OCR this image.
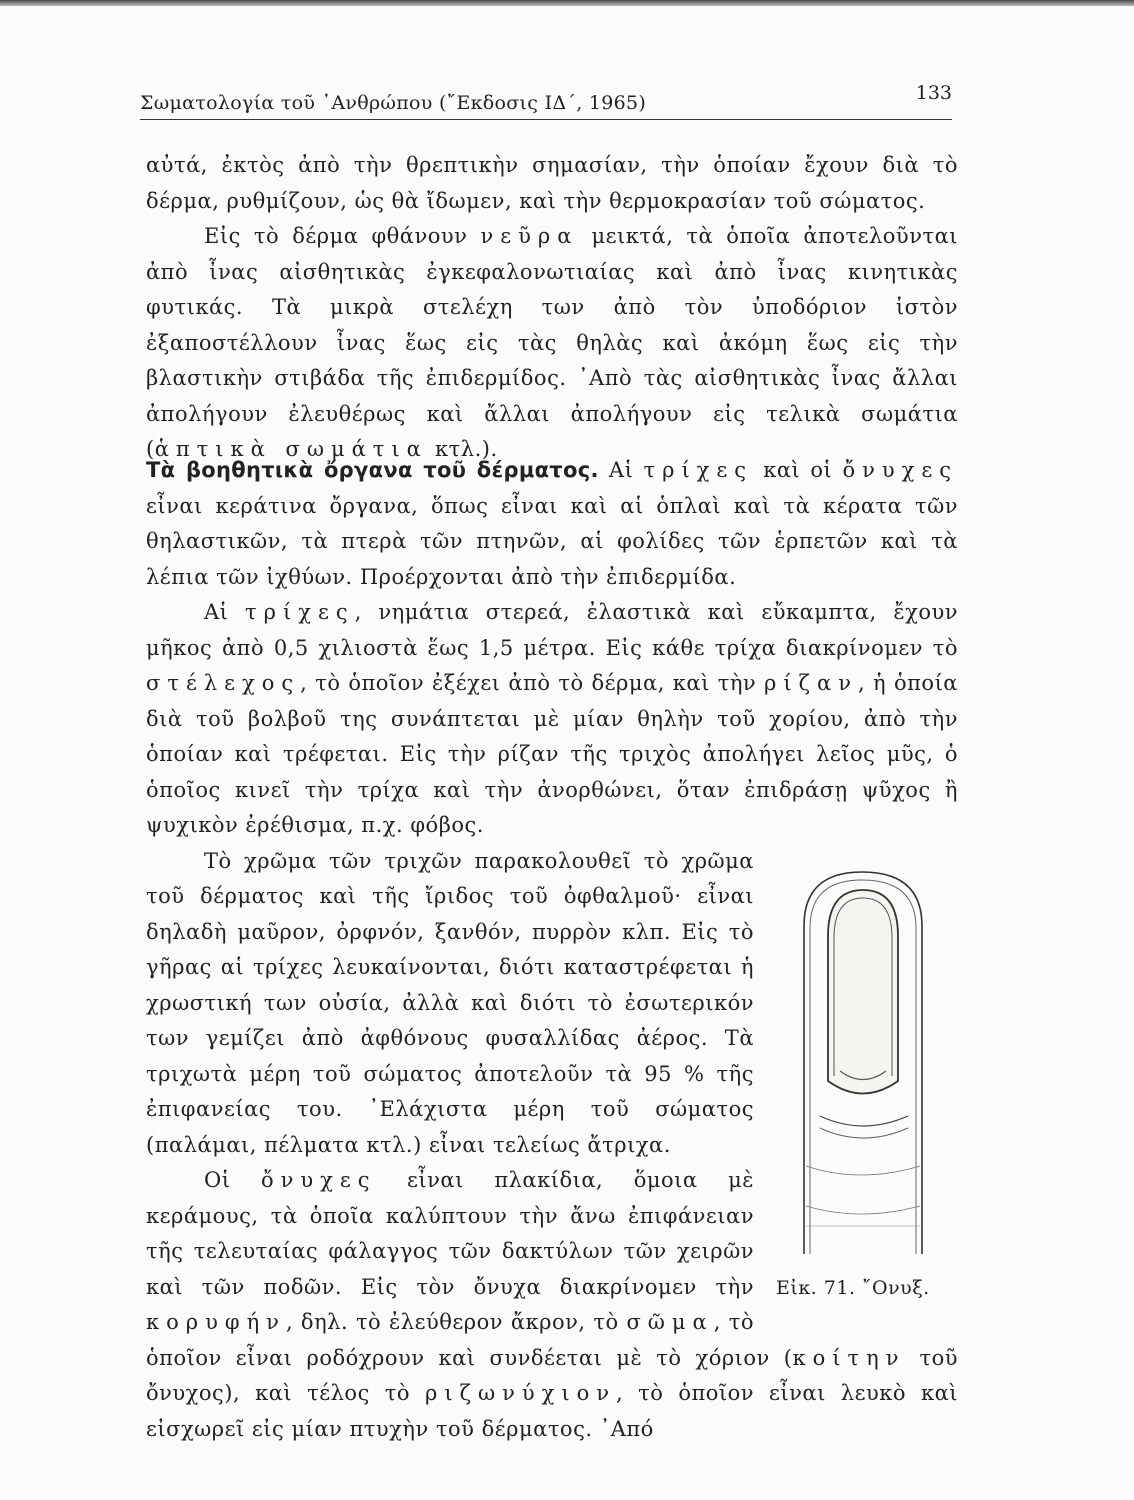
Σωματολογία τοῦ ᾿Ανθρώπου (῎Εκδοσις ΙΔ΄, 1965)	133

αὐτά, ἐκτὸς ἀπὸ τὴν θρεπτικὴν σημασίαν, τὴν ὁποίαν ἔχουν διὰ τὸ δέρμα, ρυθμίζουν, ὡς θὰ ἴδωμεν, καὶ τὴν θερμοκρασίαν τοῦ σώματος.

Εἰς τὸ δέρμα φθάνουν νεῦρα μεικτά, τὰ ὁποῖα ἀποτελοῦνται ἀπὸ ἶνας αἰσθητικὰς ἐγκεφαλονωτιαίας καὶ ἀπὸ ἶνας κινητικὰς φυτικάς. Τὰ μικρὰ στελέχη των ἀπὸ τὸν ὑποδόριον ἱστὸν ἐξαποστέλλουν ἶνας ἕως εἰς τὰς θηλὰς καὶ ἀκόμη ἕως εἰς τὴν βλαστικὴν στιβάδα τῆς ἐπιδερμίδος. ᾿Απὸ τὰς αἰσθητικὰς ἶνας ἄλλαι ἀπολήγουν ἐλευθέρως καὶ ἄλλαι ἀπολήγουν εἰς τελικὰ σωμάτια (ἁπτικὰ σωμάτια κτλ.).

Τὰ βοηθητικὰ ὄργανα τοῦ δέρματος. Αἱ τρίχες καὶ οἱ ὄνυχες εἶναι κεράτινα ὄργανα, ὅπως εἶναι καὶ αἱ ὁπλαὶ καὶ τὰ κέρατα τῶν θηλαστικῶν, τὰ πτερὰ τῶν πτηνῶν, αἱ φολίδες τῶν ἑρπετῶν καὶ τὰ λέπια τῶν ἰχθύων. Προέρχονται ἀπὸ τὴν ἐπιδερμίδα.

Αἱ τρίχες, νημάτια στερεά, ἐλαστικὰ καὶ εὔκαμπτα, ἔχουν μῆκος ἀπὸ 0,5 χιλιοστὰ ἕως 1,5 μέτρα. Εἰς κάθε τρίχα διακρίνομεν τὸ στέλεχος, τὸ ὁποῖον ἐξέχει ἀπὸ τὸ δέρμα, καὶ τὴν ρίζαν, ἡ ὁποία διὰ τοῦ βολβοῦ της συνάπτεται μὲ μίαν θηλὴν τοῦ χορίου, ἀπὸ τὴν ὁποίαν καὶ τρέφεται. Εἰς τὴν ρίζαν τῆς τριχὸς ἀπολήγει λεῖος μῦς, ὁ ὁποῖος κινεῖ τὴν τρίχα καὶ τὴν ἀνορθώνει, ὅταν ἐπιδράσῃ ψῦχος ἢ ψυχικὸν ἐρέθισμα, π.χ. φόβος.

Εἰκ. 71. ῎Ονυξ.

Τὸ χρῶμα τῶν τριχῶν παρακολουθεῖ τὸ χρῶμα τοῦ δέρματος καὶ τῆς ἴριδος τοῦ ὀφθαλμοῦ· εἶναι δηλαδὴ μαῦρον, ὀρφνόν, ξανθόν, πυρρὸν κλπ. Εἰς τὸ γῆρας αἱ τρίχες λευκαίνονται, διότι καταστρέφεται ἡ χρωστική των οὐσία, ἀλλὰ καὶ διότι τὸ ἐσωτερικόν των γεμίζει ἀπὸ ἀφθόνους φυσαλλίδας ἀέρος. Τὰ τριχωτὰ μέρη τοῦ σώματος ἀποτελοῦν τὰ 95 % τῆς ἐπιφανείας του. ᾿Ελάχιστα μέρη τοῦ σώματος (παλάμαι, πέλματα κτλ.) εἶναι τελείως ἄτριχα.

Οἱ ὄνυχες εἶναι πλακίδια, ὅμοια μὲ κεράμους, τὰ ὁποῖα καλύπτουν τὴν ἄνω ἐπιφάνειαν τῆς τελευταίας φάλαγγος τῶν δακτύλων τῶν χειρῶν καὶ τῶν ποδῶν. Εἰς τὸν ὄνυχα διακρίνομεν τὴν κορυφήν, δηλ. τὸ ἐλεύθερον ἄκρον, τὸ σῶμα, τὸ ὁποῖον εἶναι ροδόχρουν καὶ συνδέεται μὲ τὸ χόριον (κοίτην τοῦ ὄνυχος), καὶ τέλος τὸ ριζωνύχιον, τὸ ὁποῖον εἶναι λευκὸ καὶ εἰσχωρεῖ εἰς μίαν πτυχὴν τοῦ δέρματος. ᾿Από
